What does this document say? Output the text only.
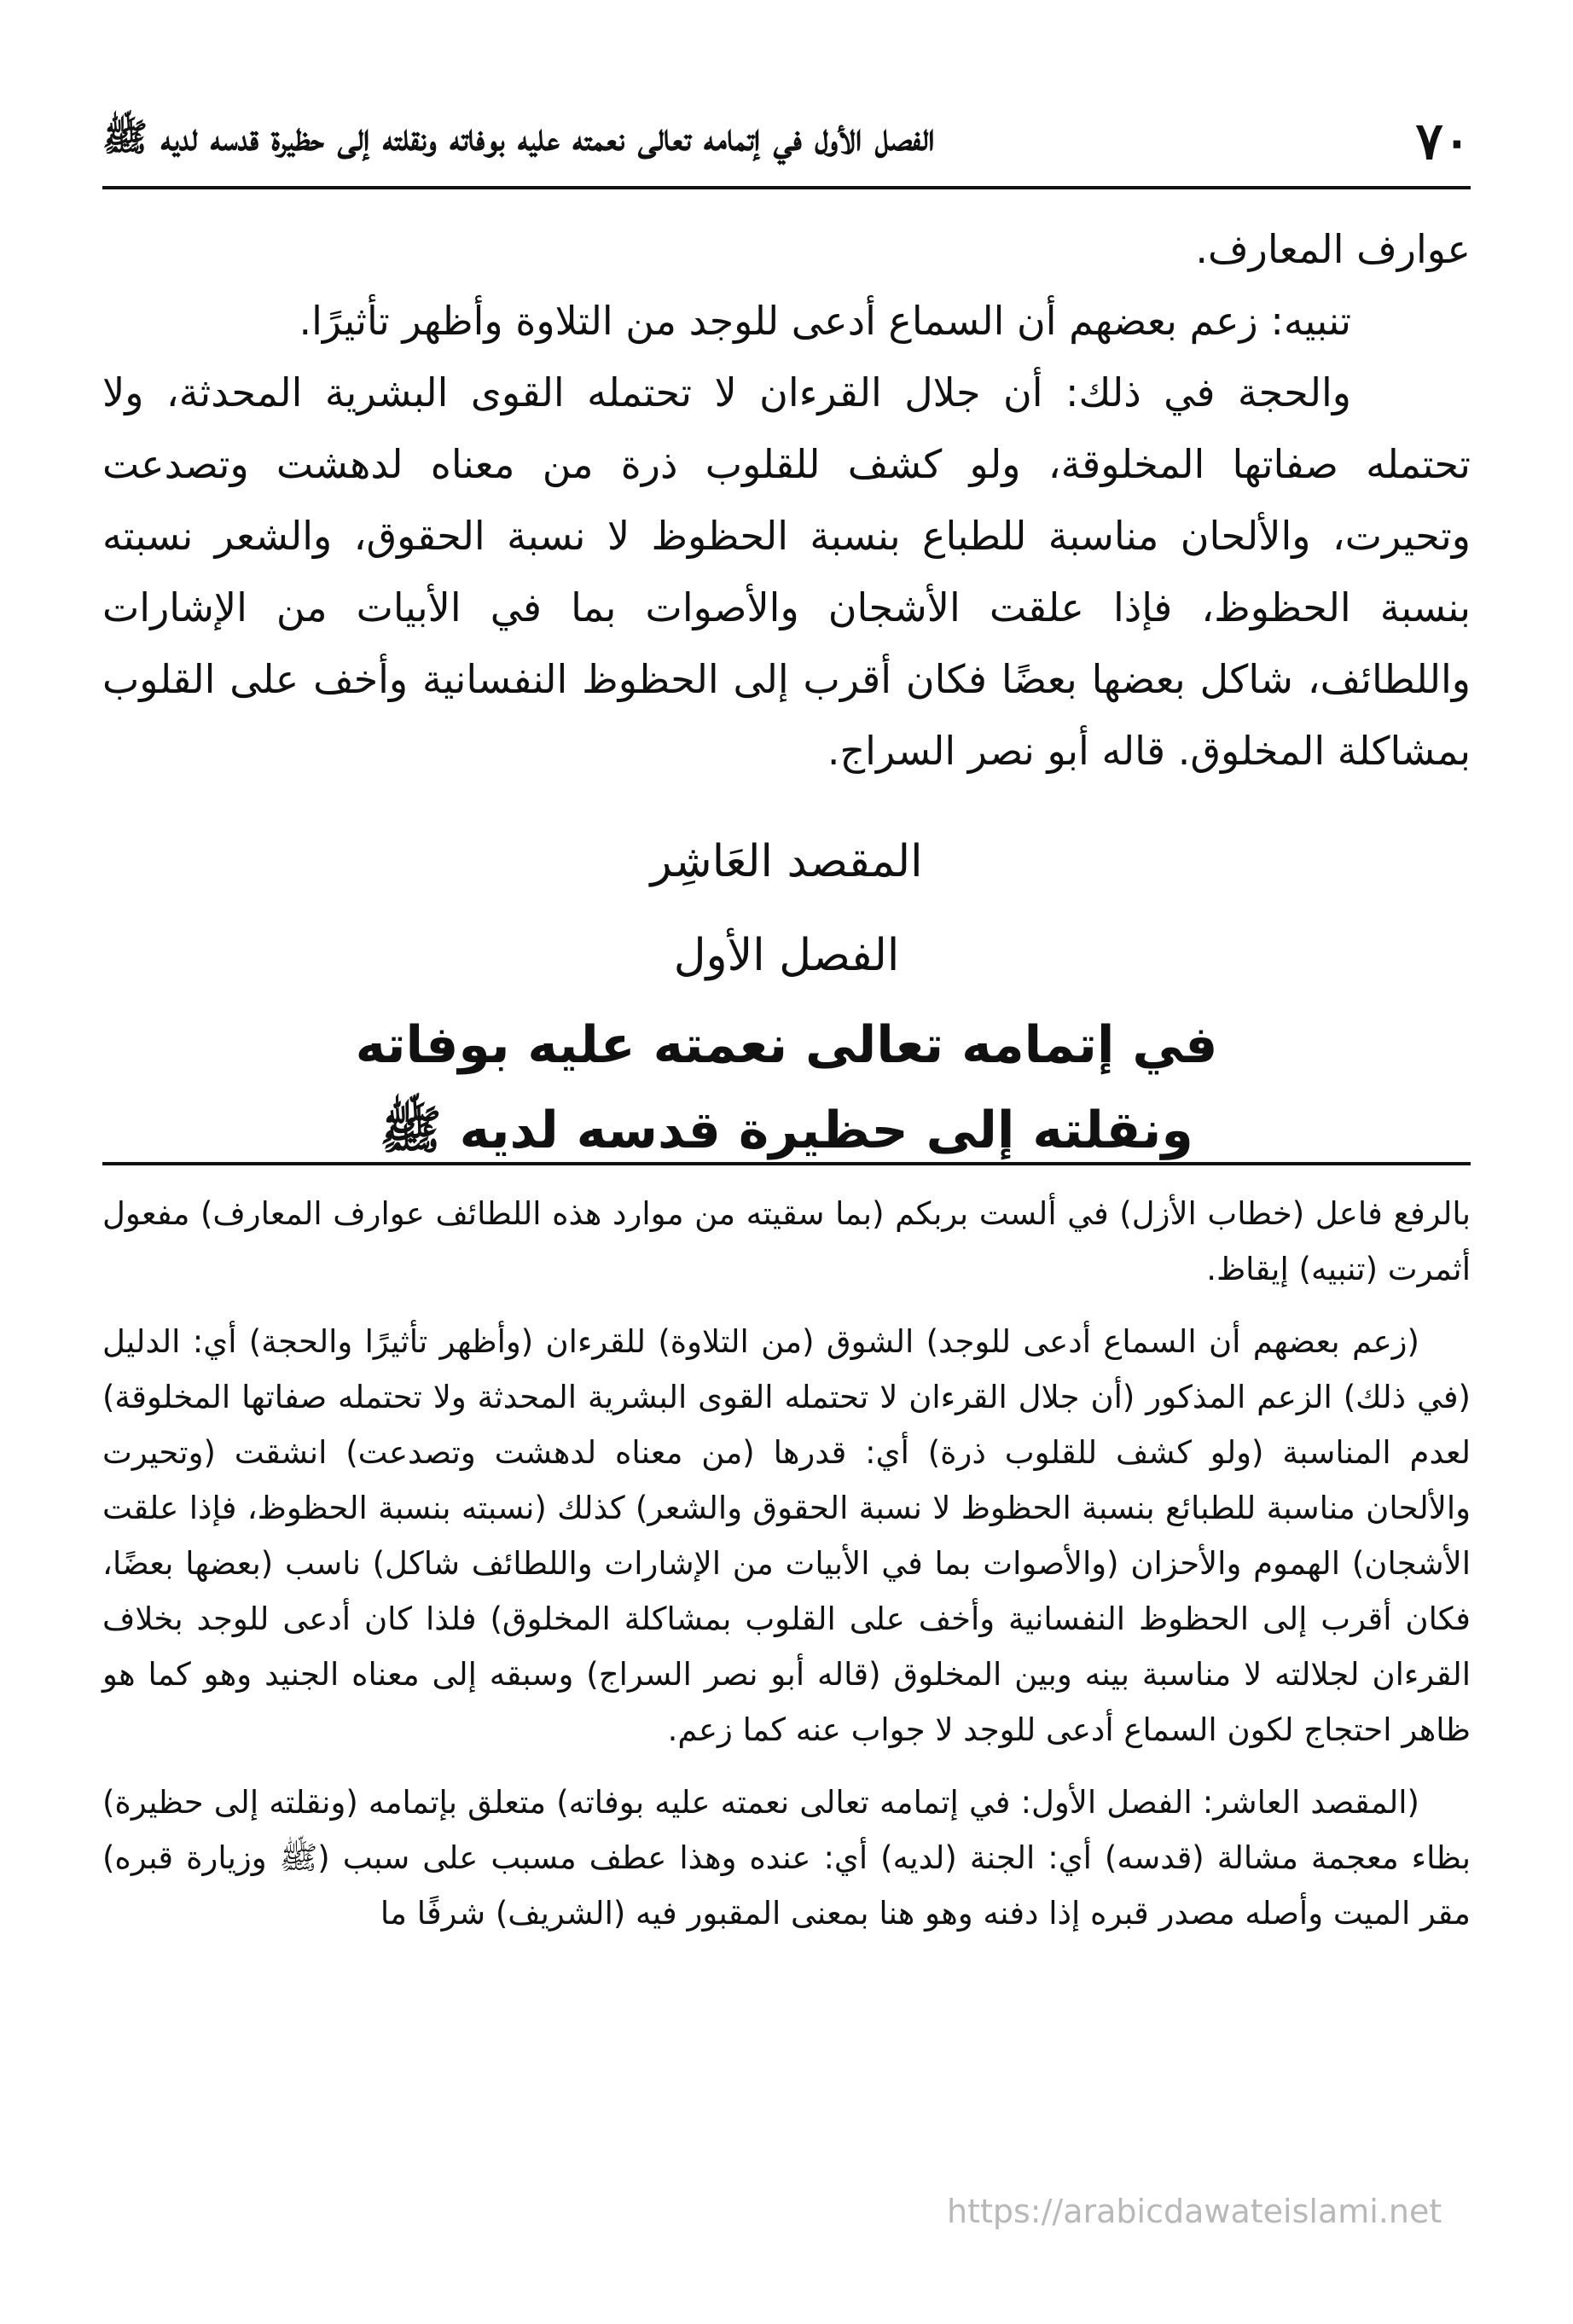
٧٠
الفصل الأول في إتمامه تعالى نعمته عليه بوفاته ونقلته إلى حظيرة قدسه لديه ﷺ

عوارف المعارف.

تنبيه: زعم بعضهم أن السماع أدعى للوجد من التلاوة وأظهر تأثيرًا.

والحجة في ذلك: أن جلال القرءان لا تحتمله القوى البشرية المحدثة، ولا تحتمله صفاتها المخلوقة، ولو كشف للقلوب ذرة من معناه لدهشت وتصدعت وتحيرت، والألحان مناسبة للطباع بنسبة الحظوظ لا نسبة الحقوق، والشعر نسبته بنسبة الحظوظ، فإذا علقت الأشجان والأصوات بما في الأبيات من الإشارات واللطائف، شاكل بعضها بعضًا فكان أقرب إلى الحظوظ النفسانية وأخف على القلوب بمشاكلة المخلوق. قاله أبو نصر السراج.

المقصد العَاشِر
الفصل الأول
في إتمامه تعالى نعمته عليه بوفاته
ونقلته إلى حظيرة قدسه لديه ﷺ

بالرفع فاعل (خطاب الأزل) في ألست بربكم (بما سقيته من موارد هذه اللطائف عوارف المعارف) مفعول أثمرت (تنبيه) إيقاظ.

(زعم بعضهم أن السماع أدعى للوجد) الشوق (من التلاوة) للقرءان (وأظهر تأثيرًا والحجة) أي: الدليل (في ذلك) الزعم المذكور (أن جلال القرءان لا تحتمله القوى البشرية المحدثة ولا تحتمله صفاتها المخلوقة) لعدم المناسبة (ولو كشف للقلوب ذرة) أي: قدرها (من معناه لدهشت وتصدعت) انشقت (وتحيرت والألحان مناسبة للطبائع بنسبة الحظوظ لا نسبة الحقوق والشعر) كذلك (نسبته بنسبة الحظوظ، فإذا علقت الأشجان) الهموم والأحزان (والأصوات بما في الأبيات من الإشارات واللطائف شاكل) ناسب (بعضها بعضًا، فكان أقرب إلى الحظوظ النفسانية وأخف على القلوب بمشاكلة المخلوق) فلذا كان أدعى للوجد بخلاف القرءان لجلالته لا مناسبة بينه وبين المخلوق (قاله أبو نصر السراج) وسبقه إلى معناه الجنيد وهو كما هو ظاهر احتجاج لكون السماع أدعى للوجد لا جواب عنه كما زعم.

(المقصد العاشر: الفصل الأول: في إتمامه تعالى نعمته عليه بوفاته) متعلق بإتمامه (ونقلته إلى حظيرة) بظاء معجمة مشالة (قدسه) أي: الجنة (لديه) أي: عنده وهذا عطف مسبب على سبب (ﷺ وزيارة قبره) مقر الميت وأصله مصدر قبره إذا دفنه وهو هنا بمعنى المقبور فيه (الشريف) شرفًا ما

https://arabicdawateislami.net
